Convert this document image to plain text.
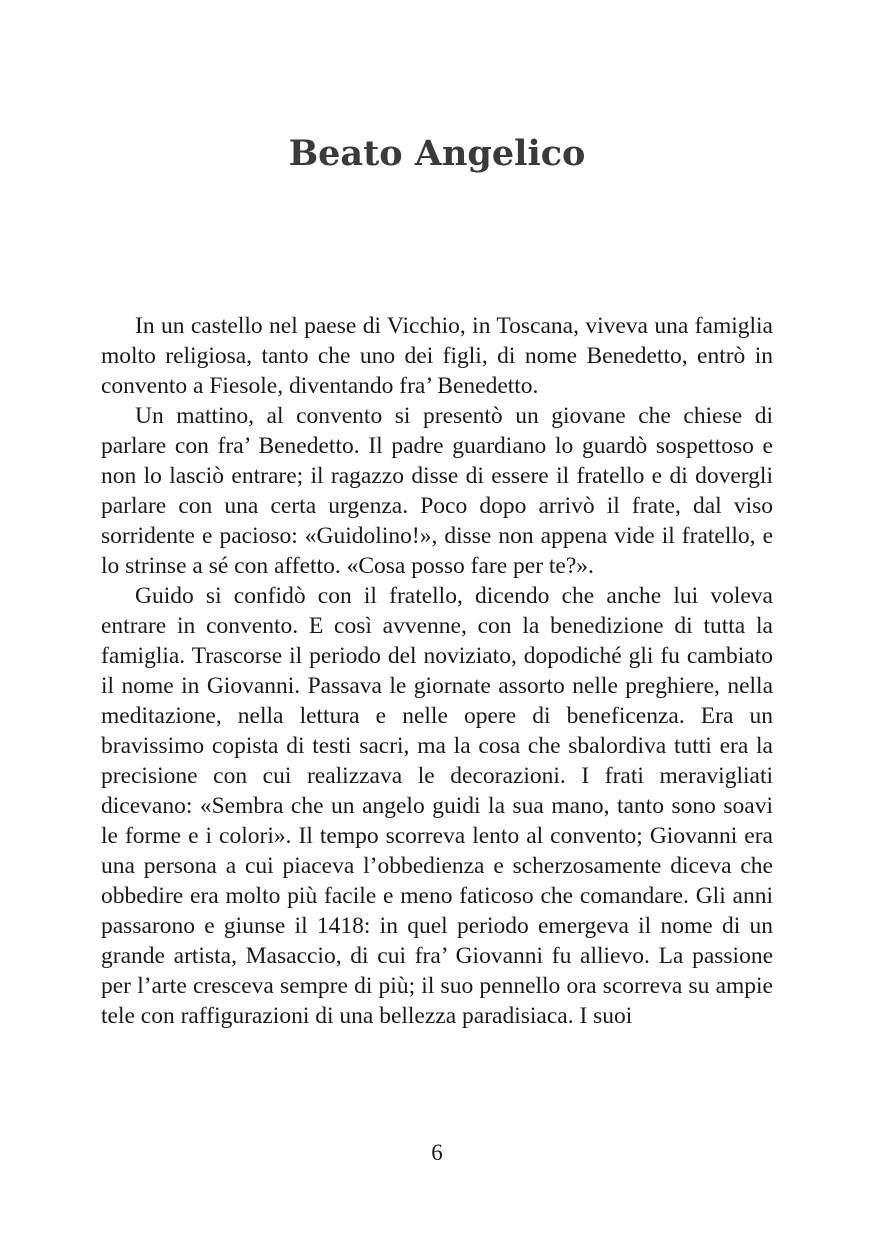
Beato Angelico

In un castello nel paese di Vicchio, in Toscana, viveva una famiglia molto religiosa, tanto che uno dei figli, di nome Benedetto, entrò in convento a Fiesole, diventando fra’ Benedetto.

Un mattino, al convento si presentò un giovane che chiese di parlare con fra’ Benedetto. Il padre guardiano lo guardò sospettoso e non lo lasciò entrare; il ragazzo disse di essere il fratello e di dovergli parlare con una certa urgenza. Poco dopo arrivò il frate, dal viso sorridente e pacioso: «Guidolino!», disse non appena vide il fratello, e lo strinse a sé con affetto. «Cosa posso fare per te?».

Guido si confidò con il fratello, dicendo che anche lui voleva entrare in convento. E così avvenne, con la benedizione di tutta la famiglia. Trascorse il periodo del noviziato, dopodiché gli fu cambiato il nome in Giovanni. Passava le giornate assorto nelle preghiere, nella meditazione, nella lettura e nelle opere di beneficenza. Era un bravissimo copista di testi sacri, ma la cosa che sbalordiva tutti era la precisione con cui realizzava le decorazioni. I frati meravigliati dicevano: «Sembra che un angelo guidi la sua mano, tanto sono soavi le forme e i colori». Il tempo scorreva lento al convento; Giovanni era una persona a cui piaceva l’obbedienza e scherzosamente diceva che obbedire era molto più facile e meno faticoso che comandare. Gli anni passarono e giunse il 1418: in quel periodo emergeva il nome di un grande artista, Masaccio, di cui fra’ Giovanni fu allievo. La passione per l’arte cresceva sempre di più; il suo pennello ora scorreva su ampie tele con raffigurazioni di una bellezza paradisiaca. I suoi

6
